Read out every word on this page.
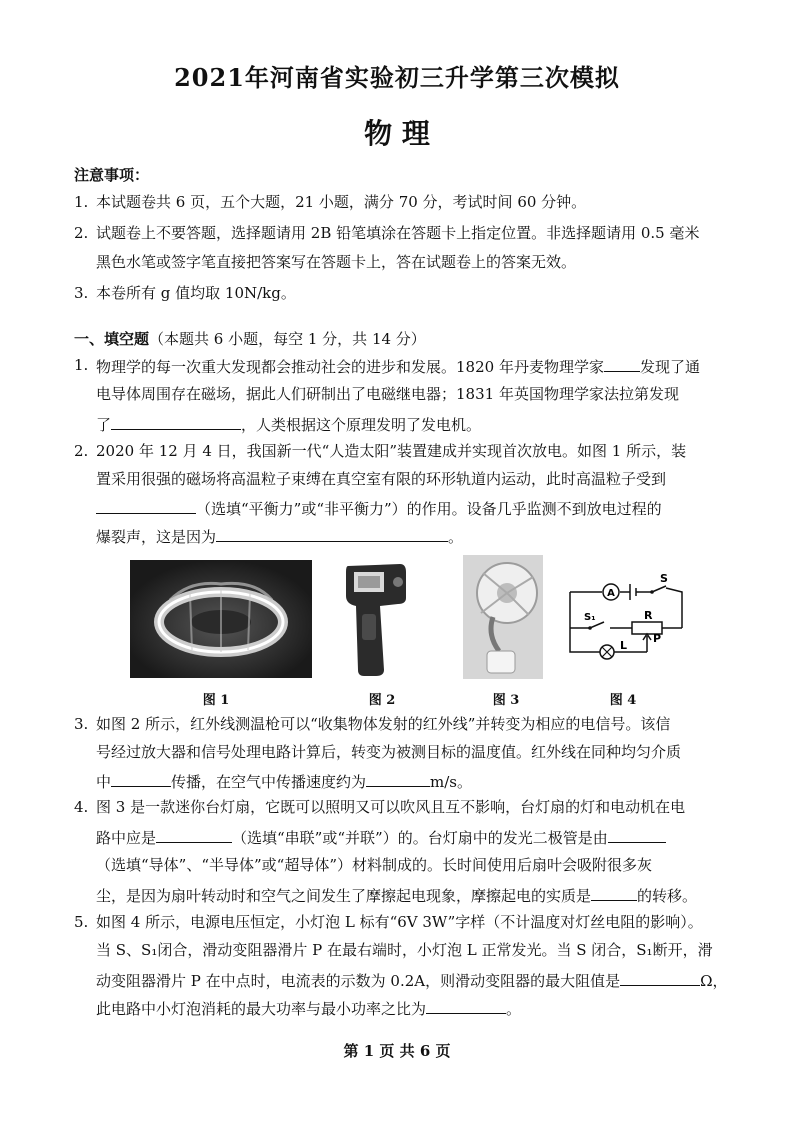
2021年河南省实验初三升学第三次模拟
物 理
注意事项：
1. 本试题卷共 6 页，五个大题，21 小题，满分 70 分，考试时间 60 分钟。
2. 试题卷上不要答题，选择题请用 2B 铅笔填涂在答题卡上指定位置。非选择题请用 0.5 毫米
黑色水笔或签字笔直接把答案写在答题卡上，答在试题卷上的答案无效。
3. 本卷所有 g 值均取 10N/kg。
一、填空题（本题共 6 小题，每空 1 分，共 14 分）
1. 物理学的每一次重大发现都会推动社会的进步和发展。1820 年丹麦物理学家 发现了通
电导体周围存在磁场，据此人们研制出了电磁继电器；1831 年英国物理学家法拉第发现
了	，人类根据这个原理发明了发电机。
2. 2020 年 12 月 4 日，我国新一代“人造太阳”装置建成并实现首次放电。如图 1 所示，装
置采用很强的磁场将高温粒子束缚在真空室有限的环形轨道内运动，此时高温粒子受到
（选填“平衡力”或“非平衡力”）的作用。设备几乎监测不到放电过程的
爆裂声，这是因为	。
A
S
S₁	R
P
L
图 1	图 2	图 3	图 4
3. 如图 2 所示，红外线测温枪可以“收集物体发射的红外线”并转变为相应的电信号。该信
号经过放大器和信号处理电路计算后，转变为被测目标的温度值。红外线在同种均匀介质
中	传播，在空气中传播速度约为	m/s。
4. 图 3 是一款迷你台灯扇，它既可以照明又可以吹风且互不影响，台灯扇的灯和电动机在电
路中应是	（选填“串联”或“并联”）的。台灯扇中的发光二极管是由
（选填“导体”、“半导体”或“超导体”）材料制成的。长时间使用后扇叶会吸附很多灰
尘，是因为扇叶转动时和空气之间发生了摩擦起电现象，摩擦起电的实质是	的转移。
5. 如图 4 所示，电源电压恒定，小灯泡 L 标有“6V 3W”字样（不计温度对灯丝电阻的影响）。
当 S、S₁闭合，滑动变阻器滑片 P 在最右端时，小灯泡 L 正常发光。当 S 闭合，S₁断开，滑
动变阻器滑片 P 在中点时，电流表的示数为 0.2A，则滑动变阻器的最大阻值是	Ω，
此电路中小灯泡消耗的最大功率与最小功率之比为	。
第 1 页 共 6 页
